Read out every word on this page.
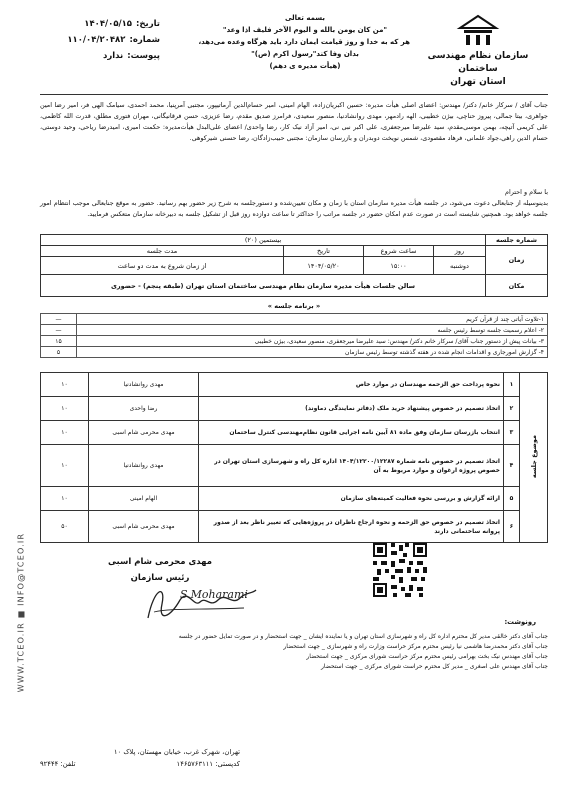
WWW.TCEO.IR ■ INFO@TCEO.IR
بسمه تعالی
"من کان یومن بالله و الیوم الآخر فلیف اذا وعد"
هر که به خدا و روز قیامت ایمان دارد باید هرگاه وعده می‌دهد،
بدان وفا کند"رسول اکرم (ص)"
(هیأت مدیره ی دهم)
تاریخ:
۱۴۰۴/۰۵/۱۵
شماره:
۱۱۰/۰۴/۲۰۴۸۲
پیوست:
ندارد	سازمان نظام مهندسی ساختمان
استان تهران
جناب آقای / سرکار خانم/ دکتر/ مهندس: اعضای اصلی هیأت مدیره: حسین اکبریان‌زاده، الهام امینی، امیر حسام‌الدین آرماتیپور، مجتبی آمرپنیا، محمد احمدی، سیامک الهی فر، امیر رضا امین جواهری، بیتا جمالی، پیروز حناچی، بیژن خطیبی، الهه رادمهر، مهدی روانشادنیا، منصور سعیدی، فرامرز صدیق مقدم، رضا عزیزی، حسن فرقانیگانی، مهران فتوری مطلق، قدرت الله کاظمی، علی کریمی آتیچه، بهمن موسی‌مقدم، سید علیرضا میرجعفری، علی اکبر نبی نی، امیر آزاد نیک کار، رضا واحدی/ اعضای علی‌البدل هیأت‌مدیره: حکمت امیری، امیدرضا ریاحی، وحید دوستی، حسام الدین راهی،جواد علمانی، فرهاد مقصودی، شمس نویخت دوبدران و بازرسان سازمان: مجتبی حبیب‌زادگان، رضا حسنی شیرکوهی.
با سلام و احترام
بدینوسیله از جنابعالی دعوت می‌شود، در جلسه هیأت مدیره سازمان استان با زمان و مکان تعیین‌شده و دستورجلسه به شرح زیر حضور بهم رسانید. حضور به موقع جنابعالی موجب انتظام امور جلسه خواهد بود. همچنین شایسته است در صورت عدم امکان حضور در جلسه مراتب را حداکثر تا ساعت دوازده روز قبل از تشکیل جلسه به دبیرخانه سازمان متعکس فرمایید.
شماره جلسه	بیستمین (۲۰)			
زمان	روز	ساعت شروع	تاریخ	مدت جلسه
	دوشنبه	۱۵:۰۰	۱۴۰۴/۰۵/۲۰	از زمان شروع به مدت دو ساعت
مکان	سالن جلسات هیأت مدیره سازمان نظام مهندسی ساختمان استان تهران (طبقه پنجم) - حضوری			
« برنامه جلسه »
۱-تلاوت آیاتی چند از قرآن کریم	—
۲- اعلام رسمیت جلسه توسط رئیس جلسه	—
۳- بیانات پیش از دستور جناب آقای/ سرکار خانم دکتر/ مهندس: سید علیرضا میرجعفری، منصور سعیدی، بیژن خطیبی	۱۵
۴- گزارش امورجاری و اقدامات انجام شده در هفته گذشته توسط رئیس سازمان	۵
موضوع جلسه	۱	نحوه پرداخت حق الزحمه مهندسان در موارد خاص	مهدی روانشادنیا	۱۰
	۲	اتخاذ تصمیم در خصوص پیشنهاد خرید ملک (دفاتر نمایندگی دماوند)	رضا واحدی	۱۰
	۳	انتخاب بازرسان سازمان وفق ماده ۸۱ آیین نامه اجرایی قانون نظام‌مهندسی کنترل ساختمان	مهدی محرمی شام اسبی	۱۰
	۴	اتخاذ تصمیم در خصوص نامه شماره ۱۴۰۴/۱۲۲۰۰/۱۲۲۸۷ اداره کل راه و شهرسازی استان تهران در خصوص پروژه ارغوان و موارد مربوط به آن	مهدی روانشادنیا	۱۰
	۵	ارائه گزارش و بررسی نحوه فعالیت کمیته‌های سازمان	الهام امینی	۱۰
	۶	اتخاذ تصمیم در خصوص حق الزحمه و نحوه ارجاع ناظران در پروژه‌هایی که تغییر ناظر بعد از صدور پروانه ساختمانی دارند	مهدی محرمی شام اسبی	۵۰
مهدی محرمی شام اسبی
رئیس سازمان
S.Moharami
رونوشت:
جناب آقای دکتر خالقی مدیر کل محترم اداره کل راه و شهرسازی استان تهران و یا نماینده ایشان _ جهت استحضار و در صورت تمایل حضور در جلسه
جناب آقای دکتر محمدرضا هاشمی نیا رئیس محترم مرکز حراست وزارت راه و شهرسازی _ جهت استحضار
جناب آقای مهندس نیک بخت بهرامی رئیس محترم مرکز حراست شورای مرکزی _ جهت استحضار
جناب آقای مهندس علی اصغری _ مدیر کل محترم حراست شورای مرکزی _ جهت استحضار
تهران، شهرک غرب، خیابان مهستان، پلاک ۱۰
کدپستی: ۱۴۶۵۷۶۳۱۱۱
تلفن: ۹۲۴۴۴
